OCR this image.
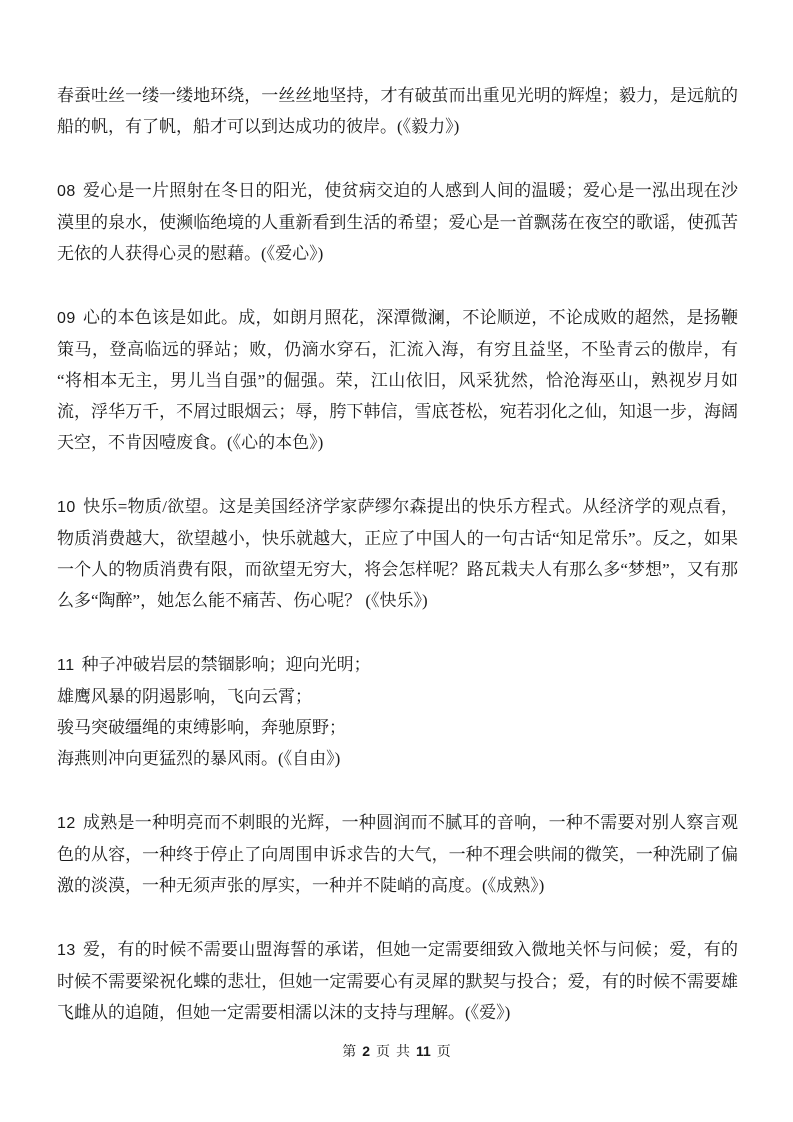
春蚕吐丝一缕一缕地环绕，一丝丝地坚持，才有破茧而出重见光明的辉煌；毅力，是远航的船的帆，有了帆，船才可以到达成功的彼岸。(《毅力》)

08 爱心是一片照射在冬日的阳光，使贫病交迫的人感到人间的温暖；爱心是一泓出现在沙漠里的泉水，使濒临绝境的人重新看到生活的希望；爱心是一首飘荡在夜空的歌谣，使孤苦无依的人获得心灵的慰藉。(《爱心》)

09 心的本色该是如此。成，如朗月照花，深潭微澜，不论顺逆，不论成败的超然，是扬鞭策马，登高临远的驿站；败，仍滴水穿石，汇流入海，有穷且益坚，不坠青云的傲岸，有“将相本无主，男儿当自强”的倔强。荣，江山依旧，风采犹然，恰沧海巫山，熟视岁月如流，浮华万千，不屑过眼烟云；辱，胯下韩信，雪底苍松，宛若羽化之仙，知退一步，海阔天空，不肯因噎废食。(《心的本色》)

10 快乐=物质/欲望。这是美国经济学家萨缪尔森提出的快乐方程式。从经济学的观点看，物质消费越大，欲望越小，快乐就越大，正应了中国人的一句古话“知足常乐”。反之，如果一个人的物质消费有限，而欲望无穷大，将会怎样呢？路瓦栽夫人有那么多“梦想”，又有那么多“陶醉”，她怎么能不痛苦、伤心呢？ (《快乐》)

11 种子冲破岩层的禁锢影响；迎向光明；
雄鹰风暴的阴遏影响，飞向云霄；
骏马突破缰绳的束缚影响，奔驰原野；
海燕则冲向更猛烈的暴风雨。(《自由》)

12 成熟是一种明亮而不刺眼的光辉，一种圆润而不腻耳的音响，一种不需要对别人察言观色的从容，一种终于停止了向周围申诉求告的大气，一种不理会哄闹的微笑，一种洗刷了偏激的淡漠，一种无须声张的厚实，一种并不陡峭的高度。(《成熟》)

13 爱，有的时候不需要山盟海誓的承诺，但她一定需要细致入微地关怀与问候；爱，有的时候不需要梁祝化蝶的悲壮，但她一定需要心有灵犀的默契与投合；爱，有的时候不需要雄飞雌从的追随，但她一定需要相濡以沫的支持与理解。(《爱》)

第 2 页 共 11 页
